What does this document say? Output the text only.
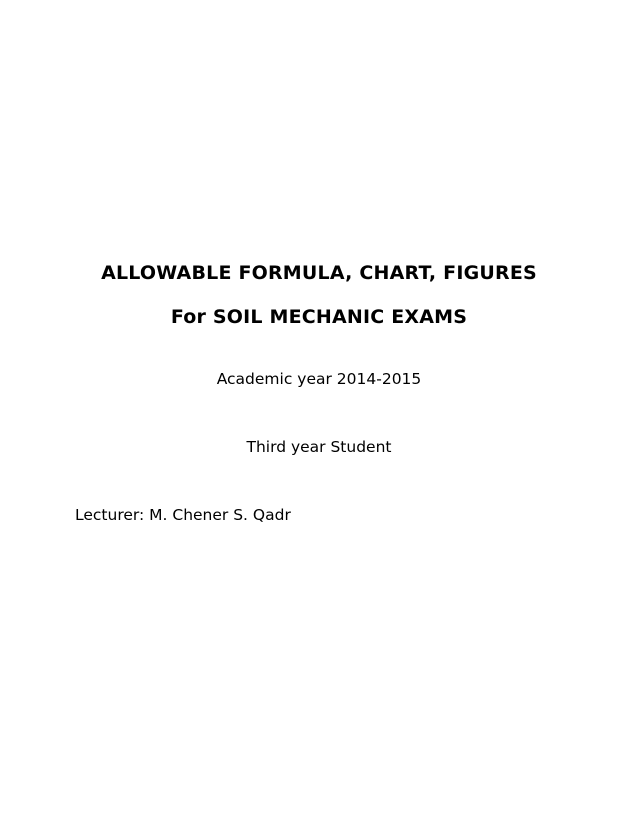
ALLOWABLE FORMULA, CHART, FIGURES
For SOIL MECHANIC EXAMS
Academic year 2014-2015
Third year Student
Lecturer: M. Chener S. Qadr
